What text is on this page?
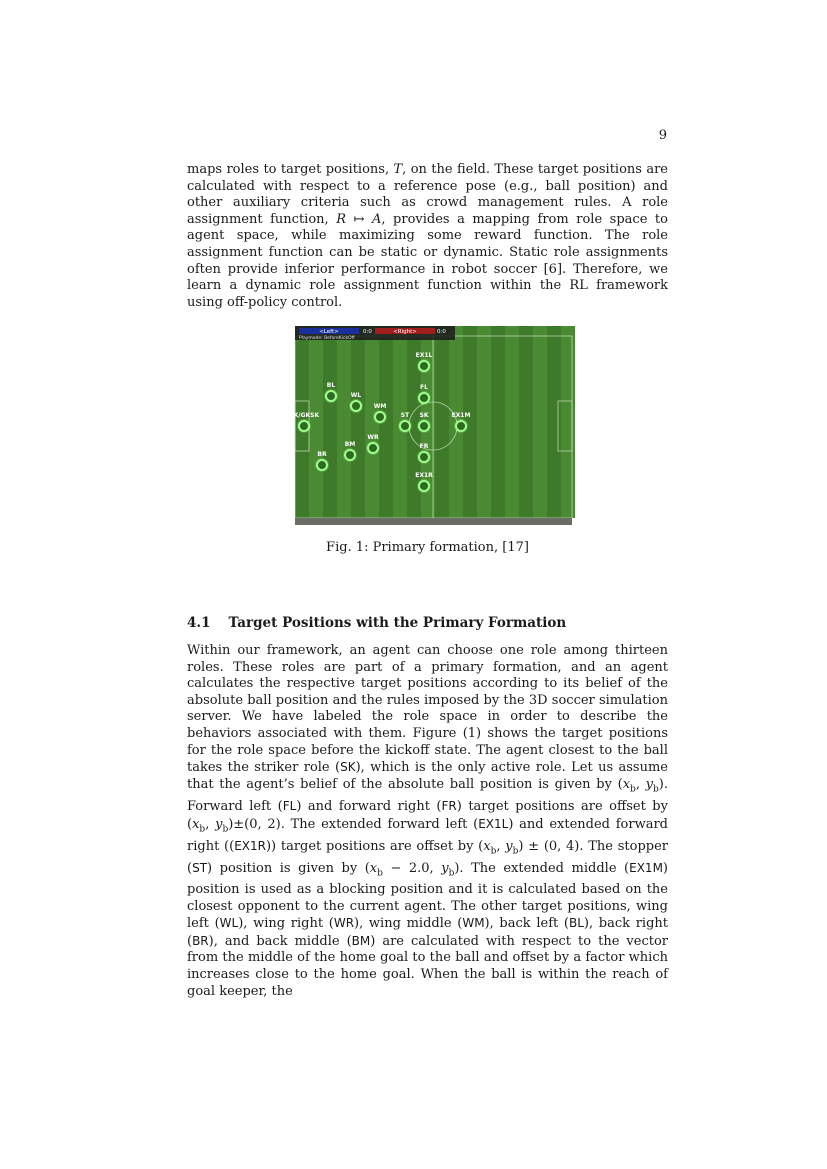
9

maps roles to target positions, T, on the field. These target positions are calculated with respect to a reference pose (e.g., ball position) and other auxiliary criteria such as crowd management rules. A role assignment function, R ↦ A, provides a mapping from role space to agent space, while maximizing some reward function. The role assignment function can be static or dynamic. Static role assignments often provide inferior performance in robot soccer [6]. Therefore, we learn a dynamic role assignment function within the RL framework using off-policy control.

<Left>	0:0	<Right>	0:0
Playmode: BeforeKickOff
EX1L
BL	FL
WL
WM
GK/GKSK	ST SK	EX1M
WR
BM	FR
BR
EX1R
Fig. 1: Primary formation, [17]
4.1 Target Positions with the Primary Formation

Within our framework, an agent can choose one role among thirteen roles. These roles are part of a primary formation, and an agent calculates the respective target positions according to its belief of the absolute ball position and the rules imposed by the 3D soccer simulation server. We have labeled the role space in order to describe the behaviors associated with them. Figure (1) shows the target positions for the role space before the kickoff state. The agent closest to the ball takes the striker role (SK), which is the only active role. Let us assume that the agent’s belief of the absolute ball position is given by ($x_b$, $y_b$). Forward left (FL) and forward right (FR) target positions are offset by ($x_b$, $y_b)\pm(0$, 2). The extended forward left (EX1L) and extended forward right ((EX1R)) target positions are offset by ($x_b$, $y_b) \pm (0$, 4). The stopper (ST) position is given by ($x_b - 2.0$, $y_b$). The extended middle (EX1M) position is used as a blocking position and it is calculated based on the closest opponent to the current agent. The other target positions, wing left (WL), wing right (WR), wing middle (WM), back left (BL), back right (BR), and back middle (BM) are calculated with respect to the vector from the middle of the home goal to the ball and offset by a factor which increases close to the home goal. When the ball is within the reach of goal keeper, the
